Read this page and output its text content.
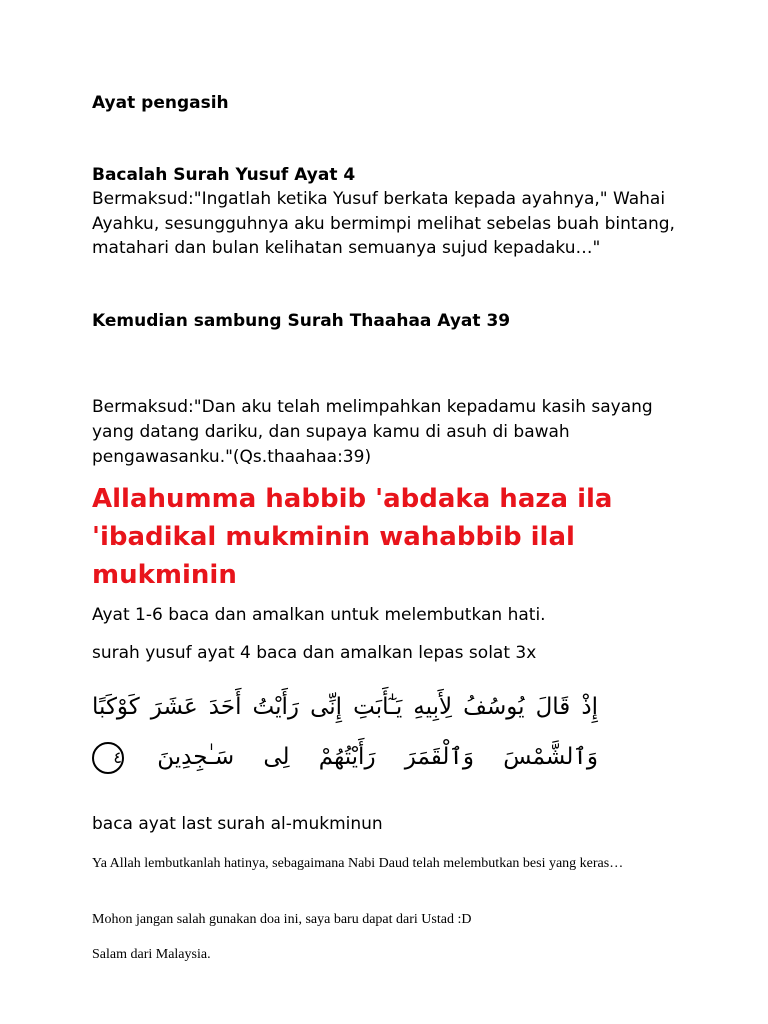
Ayat pengasih

Bacalah Surah Yusuf Ayat 4

Bermaksud:"Ingatlah ketika Yusuf berkata kepada ayahnya," Wahai Ayahku, sesungguhnya aku bermimpi melihat sebelas buah bintang, matahari dan bulan kelihatan semuanya sujud kepadaku…"

Kemudian sambung Surah Thaahaa Ayat 39

Bermaksud:"Dan aku telah melimpahkan kepadamu kasih sayang yang datang dariku, dan supaya kamu di asuh di bawah pengawasanku."(Qs.thaahaa:39)

Allahumma habbib 'abdaka haza ila 'ibadikal mukminin wahabbib ilal mukminin

Ayat 1-6 baca dan amalkan untuk melembutkan hati.

surah yusuf ayat 4 baca dan amalkan lepas solat 3x

إِذْ قَالَ يُوسُفُ لِأَبِيهِ يَـٰٓأَبَتِ إِنِّى رَأَيْتُ أَحَدَ عَشَرَ كَوْكَبًا وَٱلشَّمْسَ وَٱلْقَمَرَ رَأَيْتُهُمْ لِى سَـٰجِدِينَ ٤

baca ayat last surah al-mukminun

Ya Allah lembutkanlah hatinya, sebagaimana Nabi Daud telah melembutkan besi yang keras…

Mohon jangan salah gunakan doa ini, saya baru dapat dari Ustad :D

Salam dari Malaysia.
